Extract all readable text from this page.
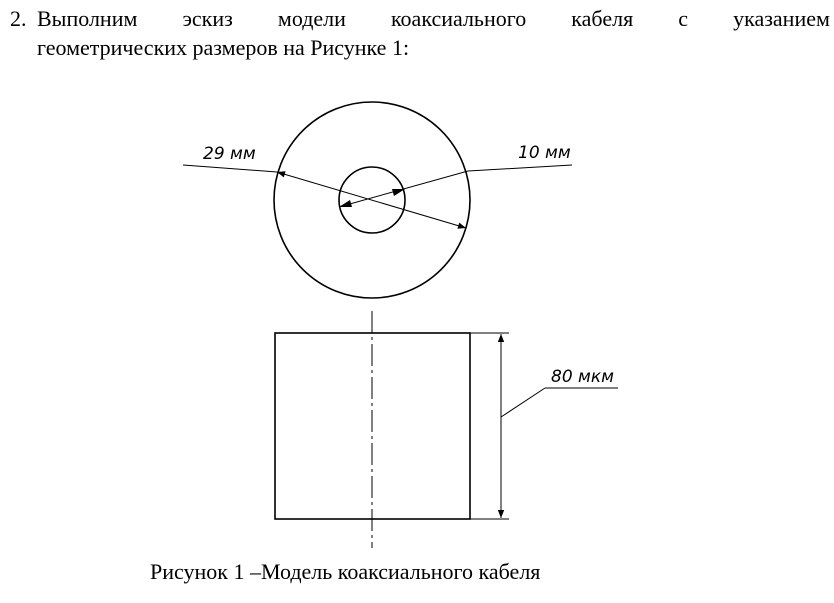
2. Выполним эскиз модели коаксиального кабеля с указанием
геометрических размеров на Рисунке 1:
29 мм	10 мм
80 мкм
Рисунок 1 –Модель коаксиального кабеля
